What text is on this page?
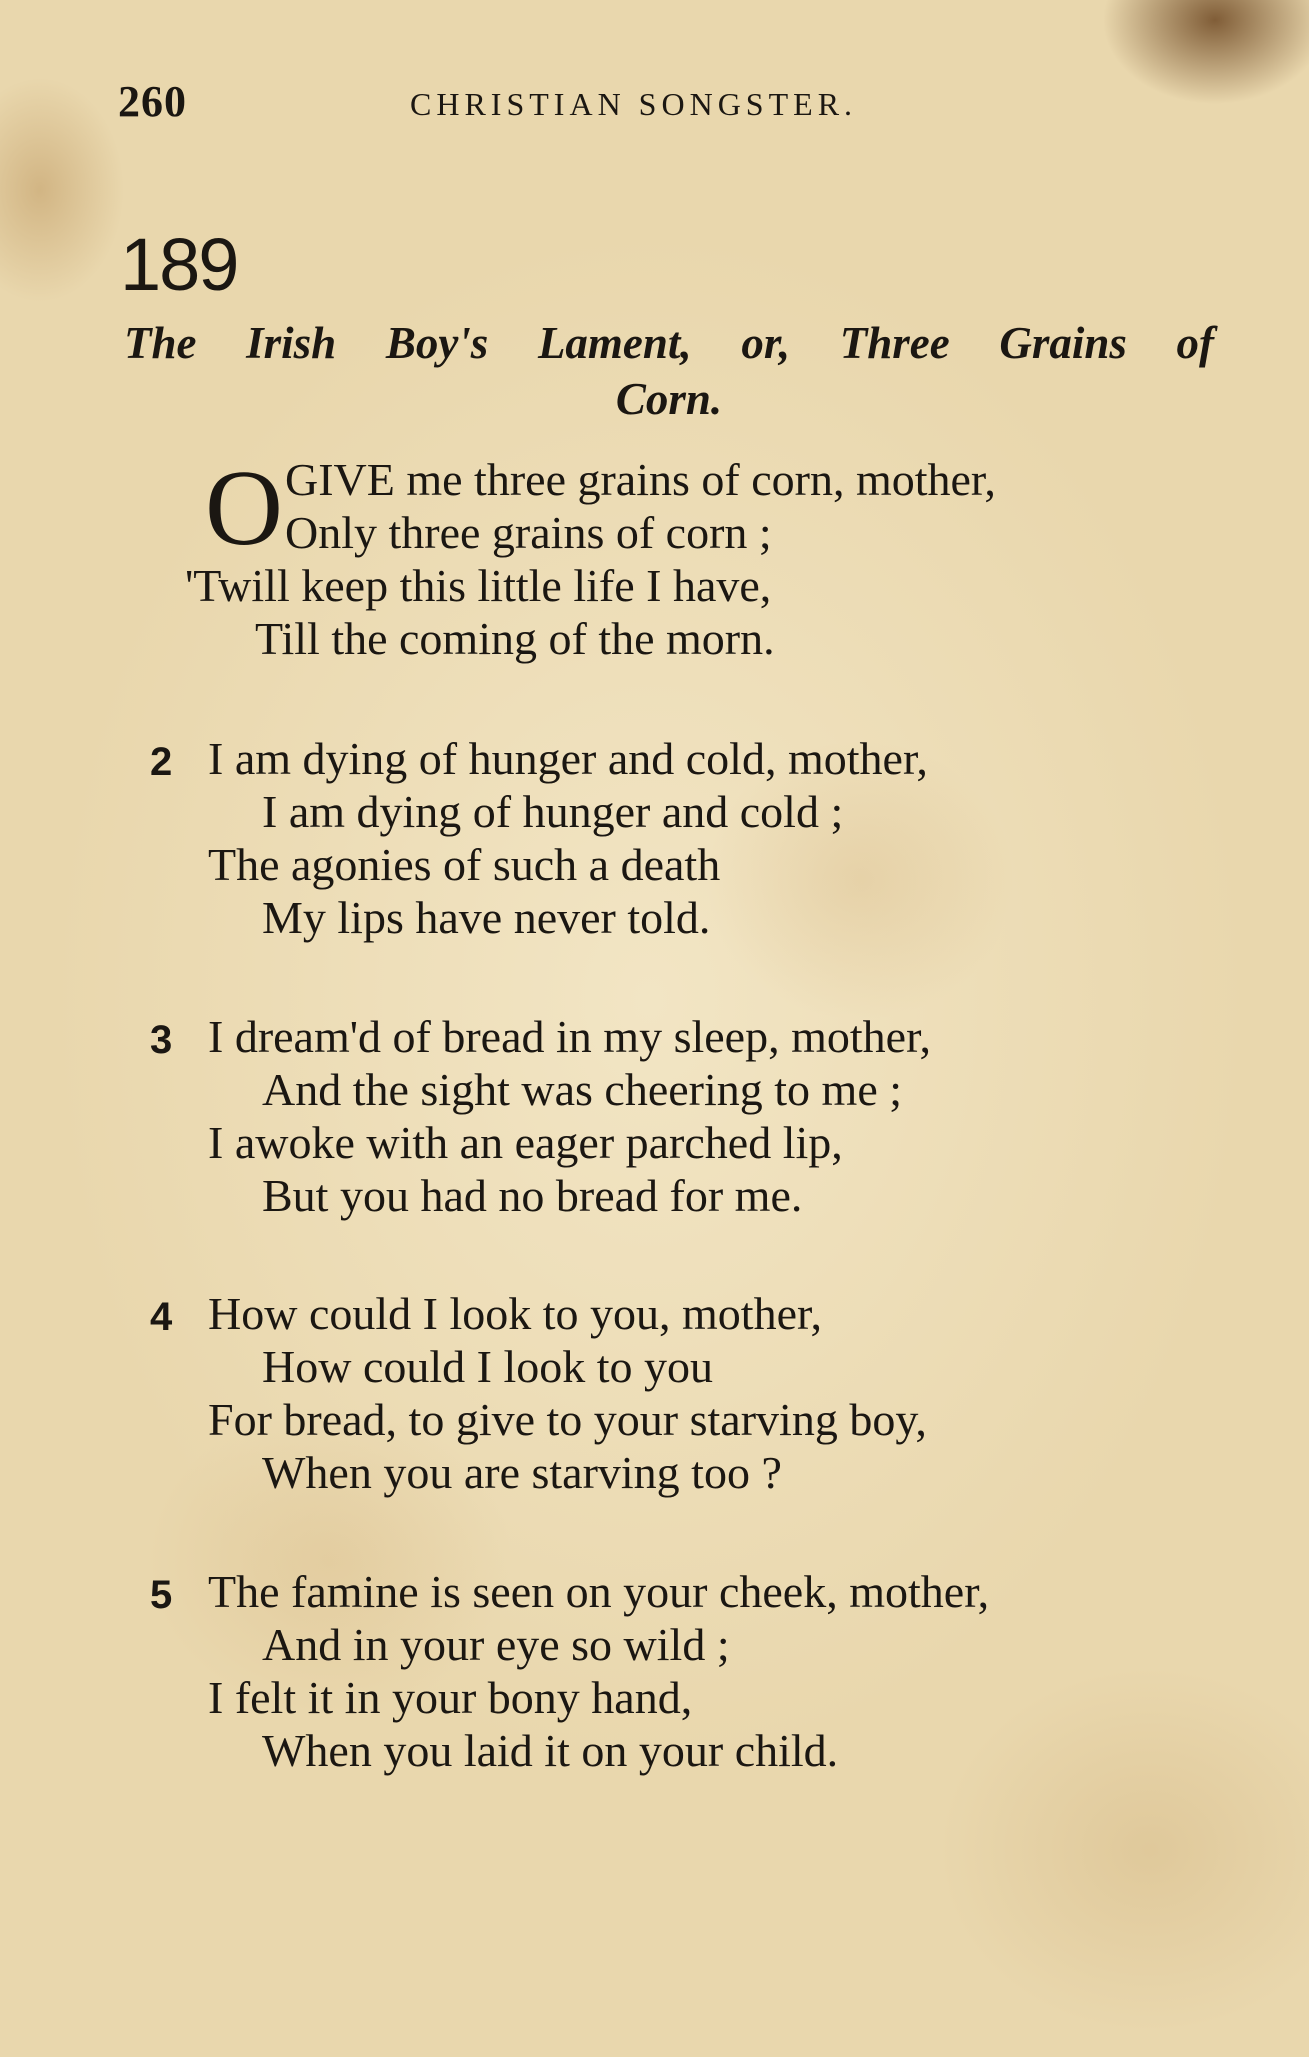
260	CHRISTIAN SONGSTER.
189
The Irish Boy's Lament, or, Three Grains of
Corn.
O GIVE me three grains of corn, mother,
Only three grains of corn ;
'Twill keep this little life I have,
Till the coming of the morn.
2 I am dying of hunger and cold, mother,
I am dying of hunger and cold ;
The agonies of such a death
My lips have never told.
3 I dream'd of bread in my sleep, mother,
And the sight was cheering to me ;
I awoke with an eager parched lip,
But you had no bread for me.
4 How could I look to you, mother,
How could I look to you
For bread, to give to your starving boy,
When you are starving too ?
5 The famine is seen on your cheek, mother,
And in your eye so wild ;
I felt it in your bony hand,
When you laid it on your child.
